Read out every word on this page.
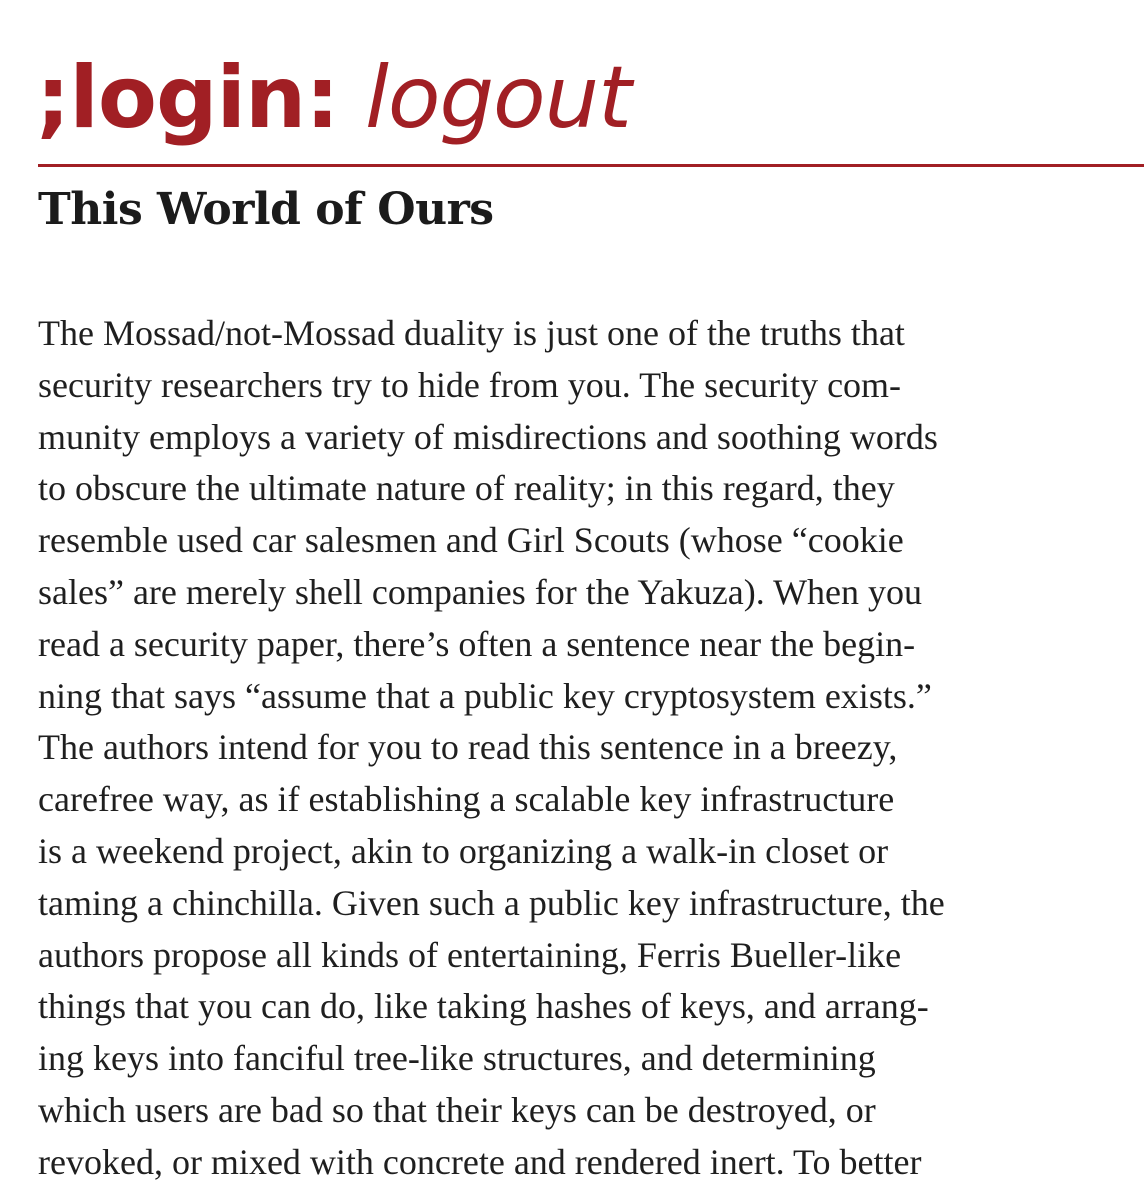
;login: logout
This World of Ours
The Mossad/not-Mossad duality is just one of the truths that
security researchers try to hide from you. The security com-
munity employs a variety of misdirections and soothing words
to obscure the ultimate nature of reality; in this regard, they
resemble used car salesmen and Girl Scouts (whose “cookie
sales” are merely shell companies for the Yakuza). When you
read a security paper, there’s often a sentence near the begin-
ning that says “assume that a public key cryptosystem exists.”
The authors intend for you to read this sentence in a breezy,
carefree way, as if establishing a scalable key infrastructure
is a weekend project, akin to organizing a walk-in closet or
taming a chinchilla. Given such a public key infrastructure, the
authors propose all kinds of entertaining, Ferris Bueller-like
things that you can do, like taking hashes of keys, and arrang-
ing keys into fanciful tree-like structures, and determining
which users are bad so that their keys can be destroyed, or
revoked, or mixed with concrete and rendered inert. To better
